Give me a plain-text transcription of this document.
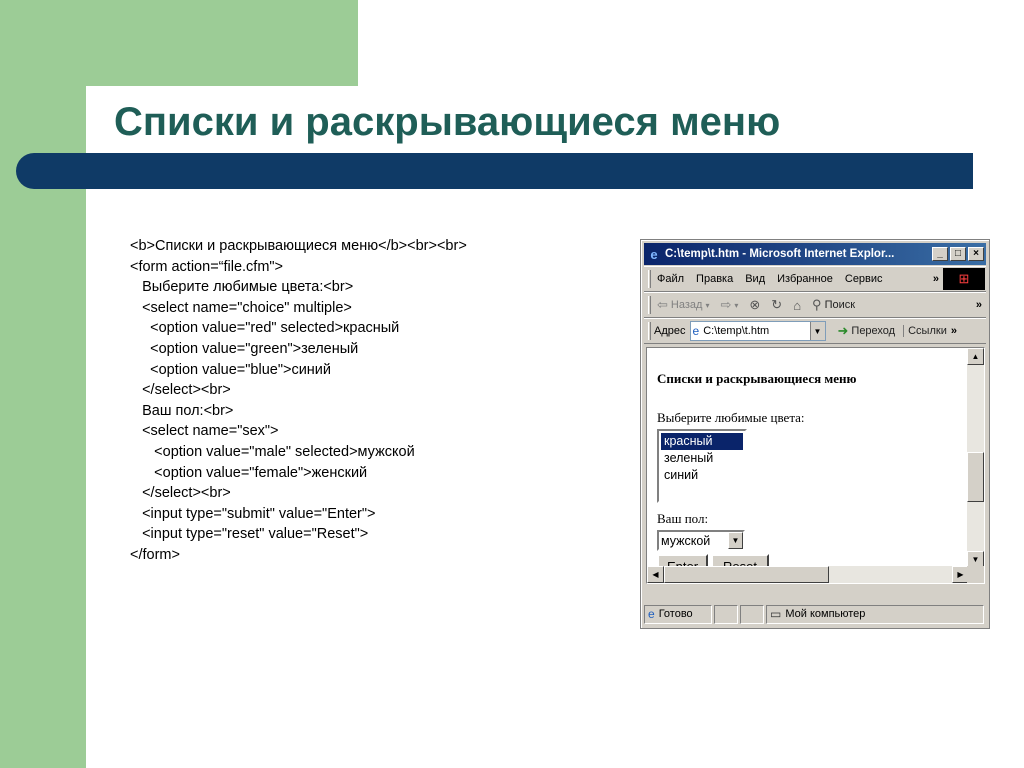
Списки и раскрывающиеся меню
<b>Списки и раскрывающиеся меню</b><br><br>
<form action=“file.cfm">
Выберите любимые цвета:<br>
<select name="choice" multiple>
<option value="red" selected>красный
<option value="green">зеленый
<option value="blue">синий
</select><br>
Ваш пол:<br>
<select name="sex">
<option value="male" selected>мужской
<option value="female">женский
</select><br>
<input type="submit" value="Enter">
<input type="reset" value="Reset">
</form>
e C:\temp\t.htm - Microsoft Internet Explor...	_	□	×
Файл Правка Вид Избранное Сервис	»	⊞
⇦ Назад ▾ ⇨ ▾ ⊗ ↻ ⌂ ⚲ Поиск	»
Адрес e C:\temp\t.htm	▼ ➜ Переход Ссылки »
Списки и раскрывающиеся меню
Выберите любимые цвета:
красный
зеленый
синий
Ваш пол:
мужской	▼
▲
▼
◀	▶
e Готово	▭ Мой компьютер
